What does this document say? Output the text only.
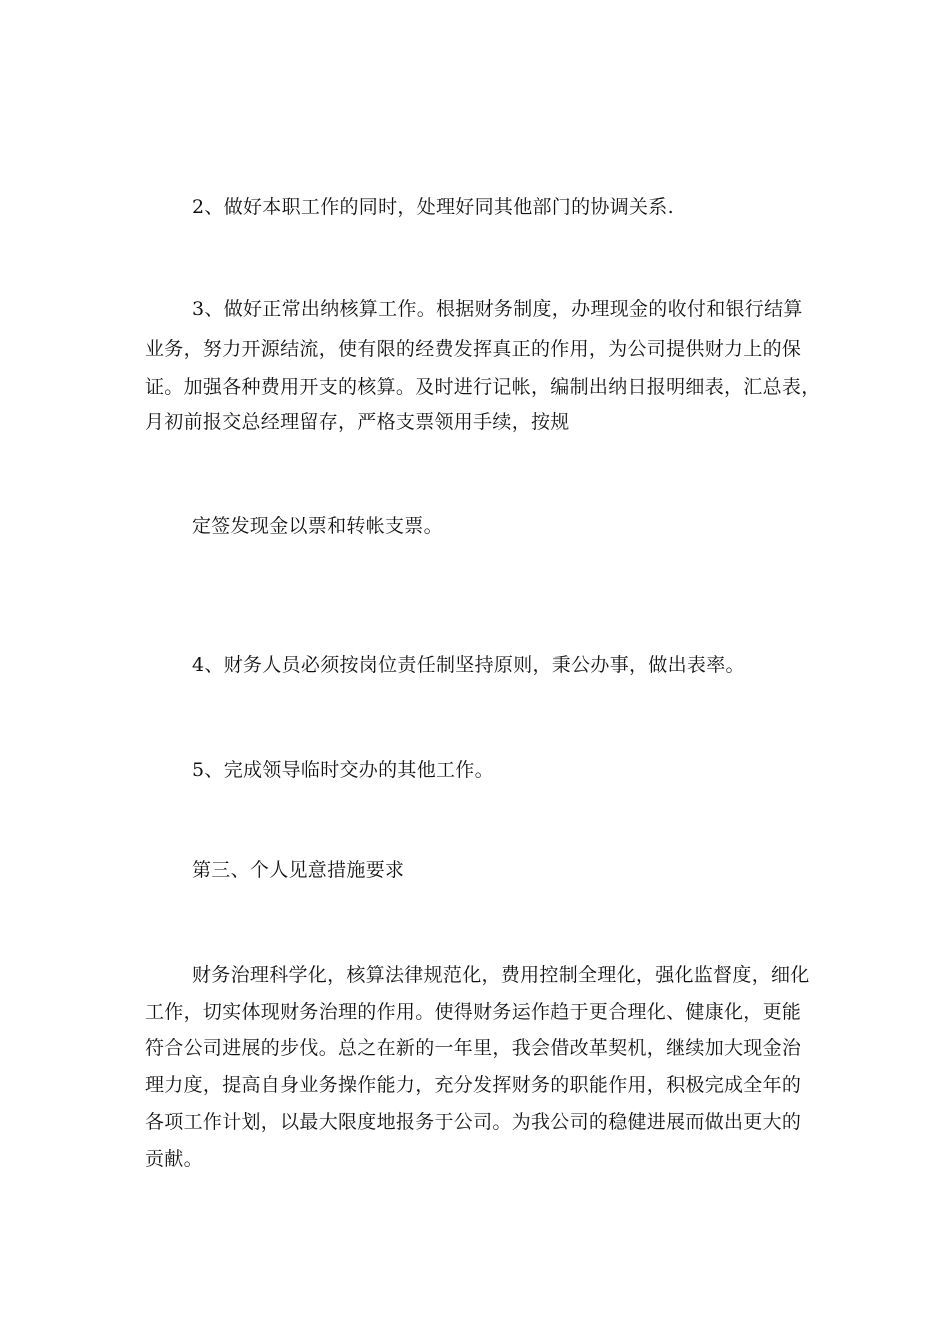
2、做好本职工作的同时，处理好同其他部门的协调关系.
3、做好正常出纳核算工作。根据财务制度，办理现金的收付和银行结算
业务，努力开源结流，使有限的经费发挥真正的作用，为公司提供财力上的保
证。加强各种费用开支的核算。及时进行记帐，编制出纳日报明细表，汇总表，
月初前报交总经理留存，严格支票领用手续，按规
定签发现金以票和转帐支票。
4、财务人员必须按岗位责任制坚持原则，秉公办事，做出表率。
5、完成领导临时交办的其他工作。
第三、个人见意措施要求
财务治理科学化，核算法律规范化，费用控制全理化，强化监督度，细化
工作，切实体现财务治理的作用。使得财务运作趋于更合理化、健康化，更能
符合公司进展的步伐。总之在新的一年里，我会借改革契机，继续加大现金治
理力度，提高自身业务操作能力，充分发挥财务的职能作用，积极完成全年的
各项工作计划，以最大限度地报务于公司。为我公司的稳健进展而做出更大的
贡献。
